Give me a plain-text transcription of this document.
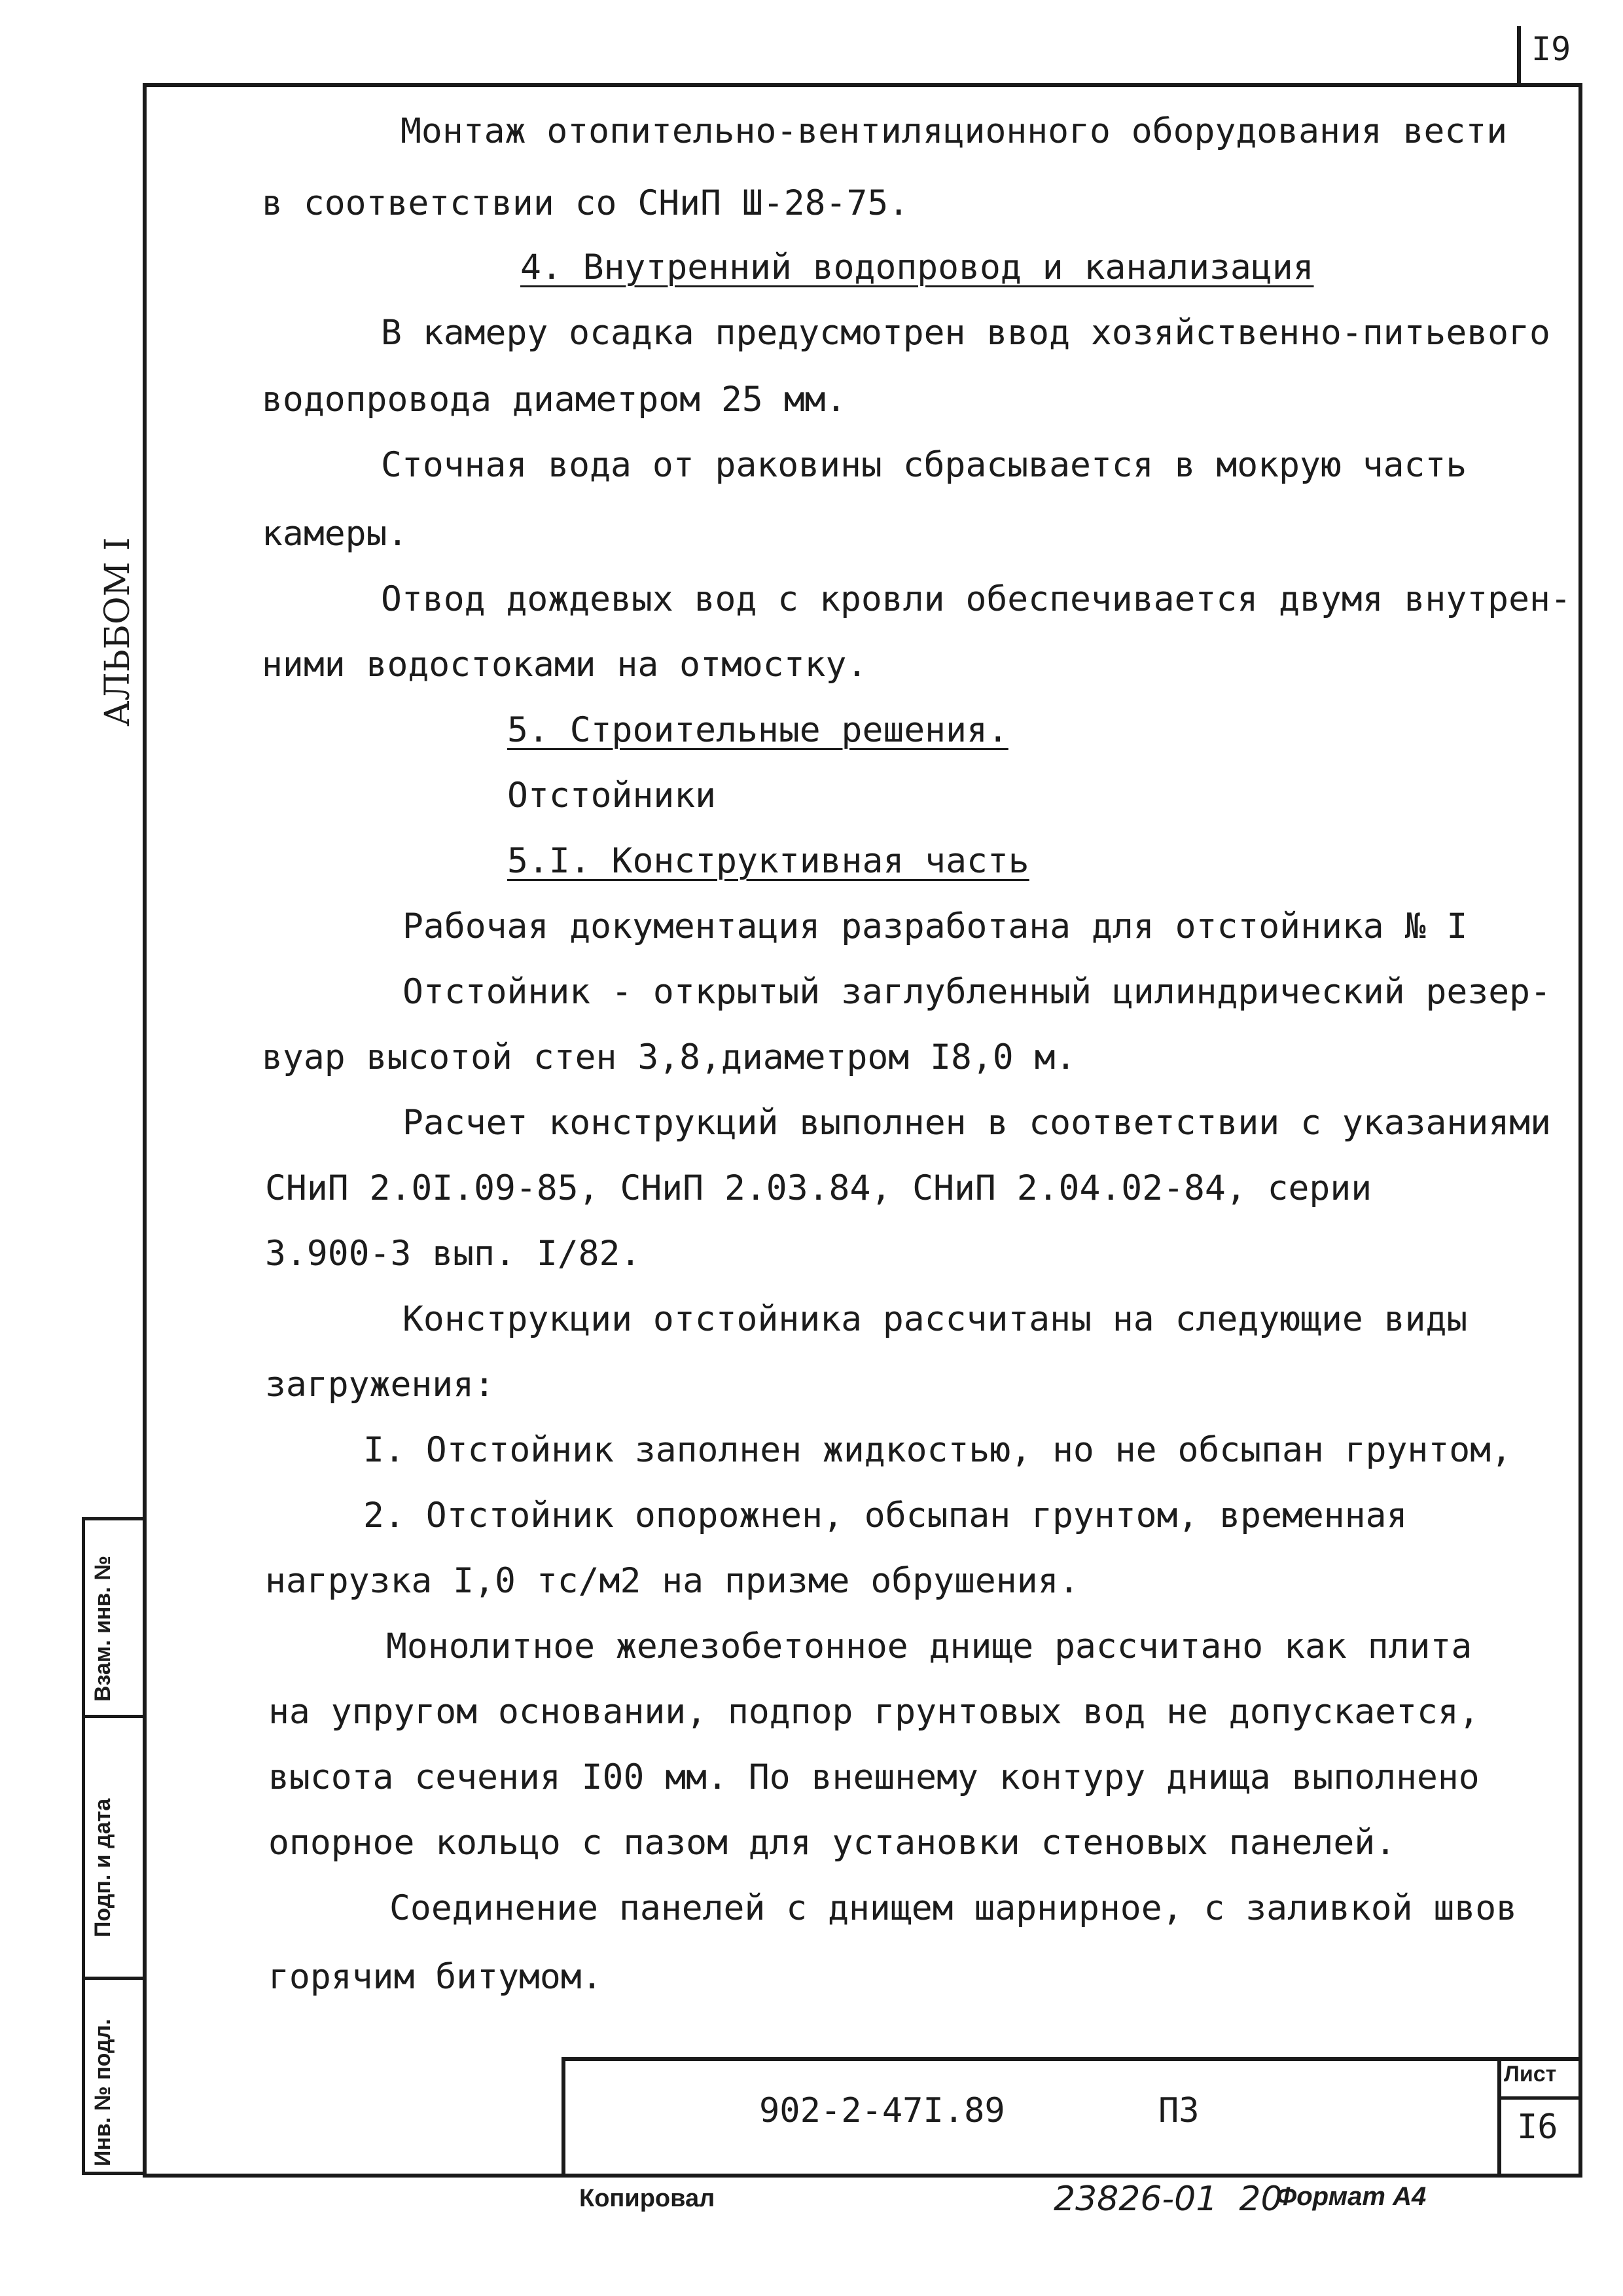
I9
АЛЬБОМ I
Монтаж отопительно-вентиляционного оборудования вести
в соответствии со СНиП Ш-28-75.
4. Внутренний водопровод и канализация
В камеру осадка предусмотрен ввод хозяйственно-питьевого
водопровода диаметром 25 мм.
Сточная вода от раковины сбрасывается в мокрую часть
камеры.
Отвод дождевых вод с кровли обеспечивается двумя внутрен-
ними водостоками на отмостку.
5. Строительные решения.
Отстойники
5.I. Конструктивная часть
Рабочая документация разработана для отстойника № I
Отстойник - открытый заглубленный цилиндрический резер-
вуар высотой стен 3,8,диаметром I8,0 м.
Расчет конструкций выполнен в соответствии с указаниями
СНиП 2.0I.09-85, СНиП 2.03.84, СНиП 2.04.02-84, серии
3.900-3 вып. I/82.
Конструкции отстойника рассчитаны на следующие виды
загружения:
I. Отстойник заполнен жидкостью, но не обсыпан грунтом,
2. Отстойник опорожнен, обсыпан грунтом, временная
нагрузка I,0 тс/м2 на призме обрушения.
Монолитное железобетонное днище рассчитано как плита
на упругом основании, подпор грунтовых вод не допускается,
высота сечения I00 мм. По внешнему контуру днища выполнено
опорное кольцо с пазом для установки стеновых панелей.
Соединение панелей с днищем шарнирное, с заливкой швов
горячим битумом.
Взам. инв. №
Подп. и дата
Инв. № подл.	902-2-47I.89	ПЗ
Лист
I6
Копировал	23826-01 20
Формат А4
